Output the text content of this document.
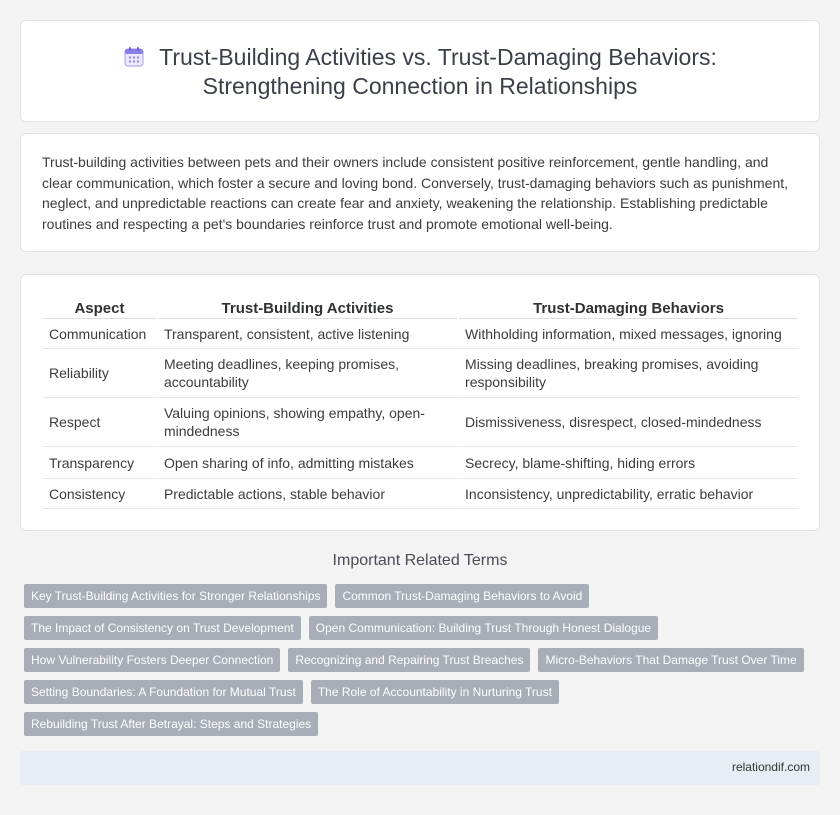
Trust-Building Activities vs. Trust-Damaging Behaviors:
Strengthening Connection in Relationships

Trust-building activities between pets and their owners include consistent positive reinforcement, gentle handling, and clear communication, which foster a secure and loving bond. Conversely, trust-damaging behaviors such as punishment, neglect, and unpredictable reactions can create fear and anxiety, weakening the relationship. Establishing predictable routines and respecting a pet's boundaries reinforce trust and promote emotional well-being.

Aspect	Trust-Building Activities	Trust-Damaging Behaviors
Communication	Transparent, consistent, active listening	Withholding information, mixed messages, ignoring
Reliability	Meeting deadlines, keeping promises, accountability	Missing deadlines, breaking promises, avoiding responsibility
Respect	Valuing opinions, showing empathy, open-mindedness	Dismissiveness, disrespect, closed-mindedness
Transparency	Open sharing of info, admitting mistakes	Secrecy, blame-shifting, hiding errors
Consistency	Predictable actions, stable behavior	Inconsistency, unpredictability, erratic behavior
Important Related Terms
Key Trust-Building Activities for Stronger Relationships	Common Trust-Damaging Behaviors to Avoid
The Impact of Consistency on Trust Development	Open Communication: Building Trust Through Honest Dialogue
How Vulnerability Fosters Deeper Connection	Recognizing and Repairing Trust Breaches	Micro-Behaviors That Damage Trust Over Time
Setting Boundaries: A Foundation for Mutual Trust	The Role of Accountability in Nurturing Trust
Rebuilding Trust After Betrayal: Steps and Strategies
relationdif.com
